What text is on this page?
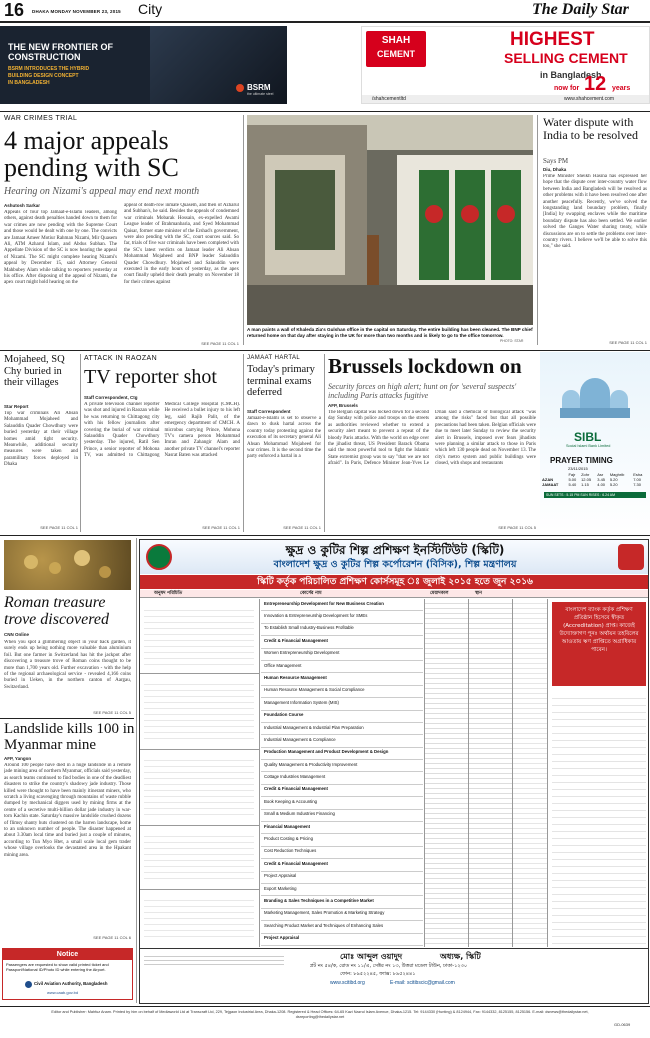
16 DHAKA MONDAY NOVEMBER 23, 2015 City	The Daily Star
THE NEW FRONTIER OF
CONSTRUCTION
BSRM INTRODUCES THE HYBRID
BUILDING DESIGN CONCEPT
IN BANGLADESH	BSRM
the ultimate steel
SHAH
CEMENT
HIGHEST
SELLING CEMENT
in Bangladesh
now for 12 years
/shahcementltd	www.shahcement.com
WAR CRIMES TRIAL
4 major appeals pending with SC
Hearing on Nizami's appeal may end next month
Ashutosh Sarkar
Appeals of four top Jamaat-e-Islami leaders, among others, against death penalties handed down to them for war crimes are now pending with the Supreme Court and those would be dealt with one by one. The convicts are Jamaat Ameer Motiur Rahman Nizami, Mir Quasem Ali, ATM Azharul Islam, and Abdus Subhan. The Appellate Division of the SC is now hearing the appeal of Nizami. The SC might complete hearing Nizami's appeal by December 15, said Attorney General Mahbubey Alam while talking to reporters yesterday at his office. After disposing of the appeal of Nizami, the apex court might hold hearing on the
appeal of death-row inmate Quasem, and then of Azharul and Subhan's, he said. Besides the appeals of condemned war criminals Mobarak Hossain, ex-expelled Awami League leader of Brahmanbaria, and Syed Mohammad Qaisar, former state minister of the Ershad's government, were also pending with the SC, court sources said. So far, trials of five war criminals have been completed with the SC's latest verdicts on Jamaat leader Ali Ahsan Mohammad Mojaheed and BNP leader Salauddin Quader Chowdhury. Mojaheed and Salauddin were executed in the early hours of yesterday, as the apex court finally upheld their death penalty on November 18 for their crimes against
SEE PAGE 11 COL 1
A man paints a wall of Khaleda Zia's Gulshan office in the capital on Saturday. The entire building has been cleaned. The BNP chief returned home on that day after staying in the UK for more than two months and is likely to go to the office tomorrow.
PHOTO: STAR
Water dispute with India to be resolved
Says PM
Diu, Dhaka
Prime Minister Sheikh Hasina has expressed her hope that the dispute over inter-country water flow between India and Bangladesh will be resolved as other problems with it have been resolved one after another peacefully. Recently, we've solved the longstanding land boundary problem, finally [India] by swapping enclaves while the maritime boundary dispute has also been settled. We earlier solved the Ganges Water sharing treaty, while discussions are on to settle the problems over inter-country rivers. I believe we'll be able to solve this too," she said.
SEE PAGE 11 COL 1
Mojaheed, SQ Chy buried in their villages
Star Report
Top war criminals Ali Ahsan Mohammad Mojaheed and Salauddin Quader Chowdhury were buried yesterday at their village homes amid tight security. Meanwhile, additional security measures were taken and paramilitary forces deployed in Dhaka
SEE PAGE 11 COL 1
ATTACK IN RAOZAN
TV reporter shot
Staff Correspondent, Ctg
A private television channel reporter was shot and injured in Raozan while he was returning to Chittagong city with his fellow journalists after covering the burial of war criminal Salauddin Quader Chowdhury yesterday. The injured, Ratil Sen Prince, a senior reporter of Mohona TV, was admitted to Chittagong Medical College Hospital (CMCH). He received a bullet injury to his left leg, said Rajib Palit, of the emergency department of CMCH. A microbus carrying Prince, Mohona TV's camera person Mohammad Imran and Zahangir Alam and another private TV channel's reporter Nasrat Baten was attacked
SEE PAGE 11 COL 1
JAMAAT HARTAL
Today's primary terminal exams deferred
Staff Correspondent
Jamaat-e-Islami is set to observe a dawn to dusk hartal across the country today protesting against the execution of its secretary general Ali Ahsan Mohammad Mojaheed for war crimes. It is the second time the party enforced a hartal in a
SEE PAGE 11 COL 1
Brussels lockdown on
Security forces on high alert; hunt on for 'several suspects' including Paris attacks fugitive
AFP, Brussels
The Belgian capital was locked down for a second day Sunday with police and troops on the streets as authorities reviewed whether to extend a security alert meant to prevent a repeat of the bloody Paris attacks. With the world on edge over the jihadist threat, US President Barack Obama said the most powerful tool to fight the Islamic State extremist group was to say "that we are not afraid". In Paris, Defence Minister Jean-Yves Le Drian said a chemical or biological attack "was among the risks" faced but that all possible precautions had been taken. Belgian officials were due to meet later Sunday to review the security alert in Brussels, imposed over fears jihadists were planning a similar attack to those in Paris which left 130 people dead on November 13. The city's metro system and public buildings were closed, with shops and restaurants
SEE PAGE 11 COL 5
SIBL
Social Islami Bank Limited
PRAYER TIMING
23/11/2015
	Fajr	Zohr	Asr	Maghrib	Esha
AZAN	5.00	12.05	3.45	5.20	7.00
JAMAAT	5.40	1.15	4.00	5.20	7.30
SUN SETS : 5.15 PM SUN RISES : 6.24 AM
Roman treasure trove discovered
CNN Online
When you spot a glimmering object in your back garden, it surely ends up being nothing more valuable than aluminium foil. But one farmer in Switzerland has hit the jackpot after discovering a treasure trove of Roman coins thought to be more than 1,700 years old. Further excavation - with the help of the regional archaeological service - revealed 4,166 coins buried in Ueken, in the northern canton of Aargau, Switzerland.
SEE PAGE 11 COL 5
Landslide kills 100 in Myanmar mine
AFP, Yangon
Around 100 people have died in a huge landslide in a remote jade mining area of northern Myanmar, officials said yesterday, as search teams continued to find bodies in one of the deadliest disasters to strike the country's shadowy jade industry. Those killed were thought to have been mainly itinerant miners, who scratch a living scavenging through mountains of waste rubble dumped by mechanical diggers used by mining firms at the centre of a secretive multi-billion dollar jade industry in war-torn Kachin state. Saturday's massive landslide crushed dozens of flimsy shanty huts clustered on the barren landscape, home to an unknown number of people. The disaster happened at about 3.30am local time and buried just a couple of minutes, according to Tun Myo Htet, a small scale local gem trader whose village overlooks the devastated area in the Hpakant mining area.
SEE PAGE 11 COL 6
Notice
Passengers are requested to show valid printed ticket and Passport/National ID/Photo ID while entering the Airport.
Civil Aviation Authority, Bangladesh
www.caab.gov.bd
ক্ষুদ্র ও কুটির শিল্প প্রশিক্ষণ ইনস্টিটিউট (স্কিটি)
বাংলাদেশ ক্ষুদ্র ও কুটির শিল্প কর্পোরেশন (বিসিক), শিল্প মন্ত্রণালয়
স্কিটি কর্তৃক পরিচালিত প্রশিক্ষণ কোর্সসমূহ ঃ জুলাই ২০১৫ হতে জুন ২০১৬
অনুষদ পরিচিতি	কোর্সের নাম	মেয়াদকাল	স্থান
Entrepreneurship Development for New Business Creation
Innovation & Entrepreneurship Development for SMEs
To Establish Small Industry-Business Profitable
Credit & Financial Management
Women Entrepreneurship Development
Office Management
Human Resource Management
Human Resource Management & Social Compliance
Management Information System (MIS)
Foundation Course
Industrial Management & Industrial Plan Preparation
Industrial Management & Compliance
Production Management and Product Development & Design
Quality Management & Productivity Improvement
Cottage Industries Management
Credit & Financial Management
Book Keeping & Accounting
Small & Medium Industries Financing
Financial Management
Product Costing & Pricing
Cost Reduction Techniques
Credit & Financial Management
Project Appraisal
Export Marketing
Branding & Sales Techniques in a Competitive Market
Marketing Management, Sales Promotion & Marketing Strategy
Searching Product Market and Techniques of Enhancing Sales
Project Appraisal
বাংলাদেশ ব্যাংক কর্তৃক প্রশিক্ষণ প্রতিষ্ঠান হিসেবে স্বীকৃত (Accreditation) প্রাপ্ত। কাজেই উদ্যোক্তাগণ পুনঃ অর্থায়ন তহবিলের আওতায় ঋণ প্রাপ্তিতে অগ্রাধিকার পাবেন।
মোঃ আব্দুল ওয়াদুদ	অধ্যক্ষ, স্কিটি
প্লট নং ৫৪/ক, রোড নং ১১/এ, সেক্টর নং ১৩, উত্তরা মডেল টাউন, ঢাকা-১২৩০
ফোন: ৮৯৫২২৪৫, ফ্যাক্স: ৮৯৫২৪৪১
www.scitibd.org	E-mail: scitibscic@gmail.com
Editor and Publisher: Mahfuz Anam. Printed by him on behalf of Mediaworld Ltd at Transcraft Ltd, 229, Tejgaon Industrial Area, Dhaka-1208. Registered & Head Offices: 64-65 Kazi Nazrul Islam Avenue, Dhaka-1215. Tel: 9144330 (Hunting) & 8124944, Fax: 9144332, 8125155, 8125156. E-mail: dsnews@thedailystar.net, dsreporting@thedailystar.net
GD-0639
